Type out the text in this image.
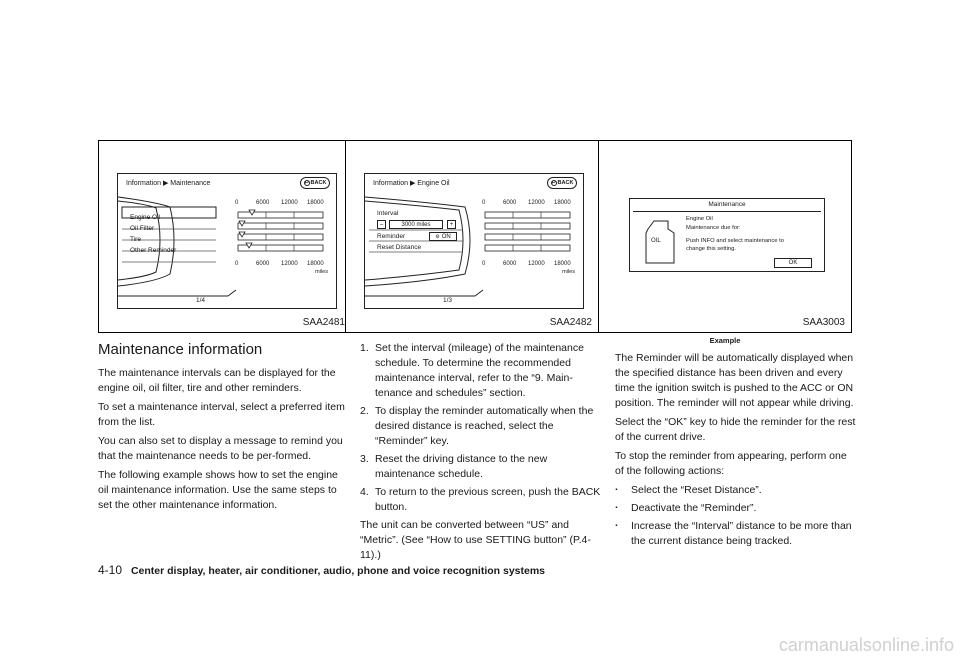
Information ▶ Maintenance	↩ BACK
Engine Oil
Oil Filter
Tire
Other Reminder
0	6000 12000 18000
0	6000 12000 18000
miles
1/4
SAA2481
Information ▶ Engine Oil	↩ BACK
Interval
–	3000 miles	+
Reminder	⚙ ON
Reset Distance
0	6000 12000 18000
0	6000 12000 18000
miles
1/3
SAA2482
Maintenance
OIL
Engine Oil
Maintenance due for:
Push INFO and select maintenance to
change this setting.
OK
SAA3003
Example
Maintenance information

The maintenance intervals can be displayed for the engine oil, oil filter, tire and other reminders.

To set a maintenance interval, select a preferred item from the list.

You can also set to display a message to remind you that the maintenance needs to be per-formed.

The following example shows how to set the engine oil maintenance information. Use the same steps to set the other maintenance information.

1. Set the interval (mileage) of the maintenance schedule. To determine the recommended maintenance interval, refer to the “9. Main-tenance and schedules” section.
2. To display the reminder automatically when the desired distance is reached, select the “Reminder” key.
3. Reset the driving distance to the new maintenance schedule.
4. To return to the previous screen, push the BACK button.

The unit can be converted between “US” and “Metric”. (See “How to use SETTING button” (P.4-11).)

The Reminder will be automatically displayed when the specified distance has been driven and every time the ignition switch is pushed to the ACC or ON position. The reminder will not appear while driving.

Select the “OK” key to hide the reminder for the rest of the current drive.

To stop the reminder from appearing, perform one of the following actions:

. Select the “Reset Distance”.
. Deactivate the “Reminder”.
. Increase the “Interval” distance to be more than the current distance being tracked.
4-10 Center display, heater, air conditioner, audio, phone and voice recognition systems
carmanualsonline.info
